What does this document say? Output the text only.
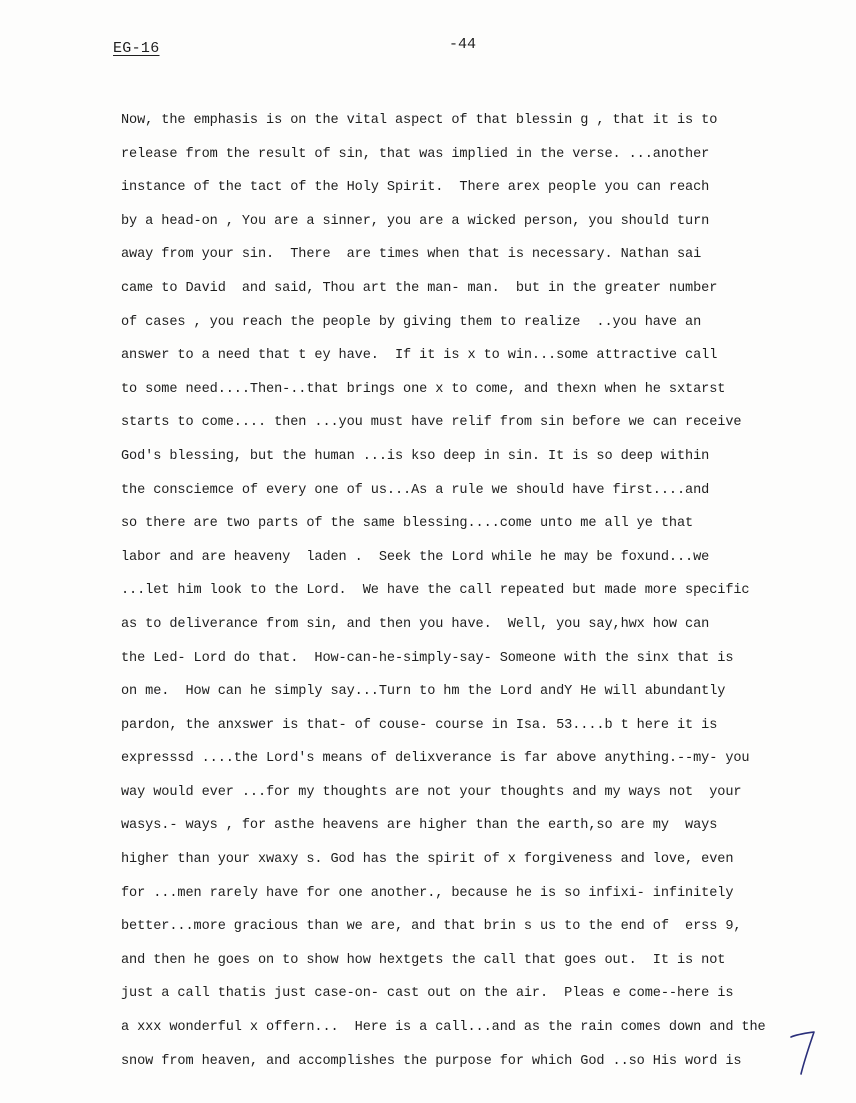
EG-16	-44
Now, the emphasis is on the vital aspect of that blessin g , that it is to
release from the result of sin, that was implied in the verse. ...another
instance of the tact of the Holy Spirit.  There arex people you can reach
by a head-on , You are a sinner, you are a wicked person, you should turn
away from your sin.  There  are times when that is necessary. Nathan sai
came to David  and said, Thou art the man- man.  but in the greater number
of cases , you reach the people by giving them to realize  ..you have an
answer to a need that t ey have.  If it is x to win...some attractive call
to some need....Then-..that brings one x to come, and thexn when he sxtarst
starts to come.... then ...you must have relif from sin before we can receive
God's blessing, but the human ...is kso deep in sin. It is so deep within
the consciemce of every one of us...As a rule we should have first....and
so there are two parts of the same blessing....come unto me all ye that
labor and are heaveny  laden .  Seek the Lord while he may be foxund...we
...let him look to the Lord.  We have the call repeated but made more specific
as to deliverance from sin, and then you have.  Well, you say,hwx how can
the Led- Lord do that.  How-can-he-simply-say- Someone with the sinx that is
on me.  How can he simply say...Turn to hm the Lord andY He will abundantly
pardon, the anxswer is that- of couse- course in Isa. 53....b t here it is
expresssd ....the Lord's means of delixverance is far above anything.--my- you
way would ever ...for my thoughts are not your thoughts and my ways not  your
wasys.- ways , for asthe heavens are higher than the earth,so are my  ways
higher than your xwaxy s. God has the spirit of x forgiveness and love, even
for ...men rarely have for one another., because he is so infixi- infinitely
better...more gracious than we are, and that brin s us to the end of  erss 9,
and then he goes on to show how hextgets the call that goes out.  It is not
just a call thatis just case-on- cast out on the air.  Pleas e come--here is
a xxx wonderful x offern...  Here is a call...and as the rain comes down and the
snow from heaven, and accomplishes the purpose for which God ..so His word is
